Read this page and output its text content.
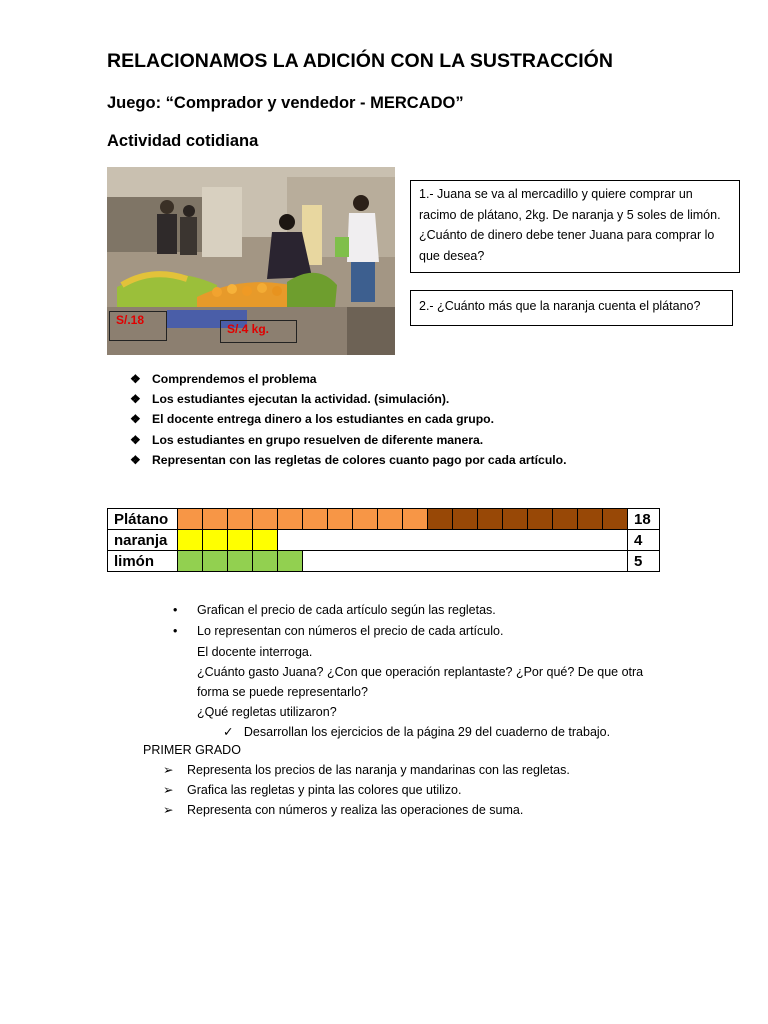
RELACIONAMOS LA ADICIÓN CON LA SUSTRACCIÓN
Juego: “Comprador y vendedor - MERCADO”
Actividad cotidiana
S/.18
S/.4 kg.
1.- Juana se va al mercadillo y quiere comprar un racimo de plátano, 2kg. De naranja y 5 soles de limón. ¿Cuánto de dinero debe tener Juana para comprar lo que desea?
2.- ¿Cuánto más que la naranja cuenta el plátano?
❖ Comprendemos el problema
❖ Los estudiantes ejecutan la actividad. (simulación).
❖ El docente entrega dinero a los estudiantes en cada grupo.
❖ Los estudiantes en grupo resuelven de diferente manera.
❖ Representan con las regletas de colores cuanto pago por cada artículo.
Plátano																			18
naranja																			4
limón																			5
•	Grafican el precio de cada artículo según las regletas.
•	Lo representan con números el precio de cada artículo.
El docente interroga.
¿Cuánto gasto Juana? ¿Con que operación replantaste? ¿Por qué? De que otra
forma se puede representarlo?
¿Qué regletas utilizaron?
✓ Desarrollan los ejercicios de la página 29 del cuaderno de trabajo.
PRIMER GRADO
➢	Representa los precios de las naranja y mandarinas con las regletas.
➢	Grafica las regletas y pinta las colores que utilizo.
➢	Representa con números y realiza las operaciones de suma.
